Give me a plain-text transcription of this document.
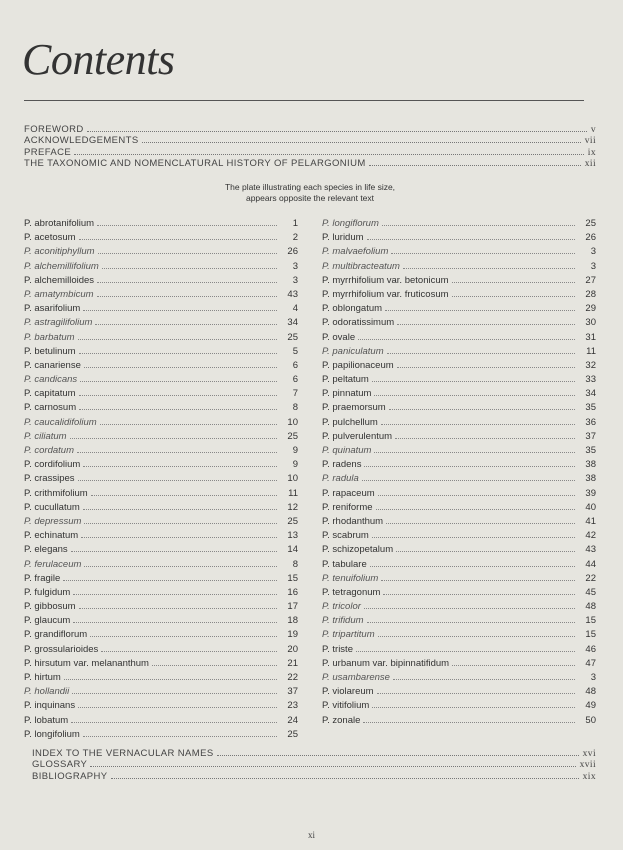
Contents
FOREWORD	v
ACKNOWLEDGEMENTS	vii
PREFACE	ix
THE TAXONOMIC AND NOMENCLATURAL HISTORY OF PELARGONIUM	xii
The plate illustrating each species in life size,
appears opposite the relevant text
P. abrotanifolium	1
P. acetosum	2
P. aconitiphyllum	26
P. alchemillifolium	3
P. alchemilloides	3
P. amatymbicum	43
P. asarifolium	4
P. astragilifolium	34
P. barbatum	25
P. betulinum	5
P. canariense	6
P. candicans	6
P. capitatum	7
P. carnosum	8
P. caucalidifolium	10
P. ciliatum	25
P. cordatum	9
P. cordifolium	9
P. crassipes	10
P. crithmifolium	11
P. cucullatum	12
P. depressum	25
P. echinatum	13
P. elegans	14
P. ferulaceum	8
P. fragile	15
P. fulgidum	16
P. gibbosum	17
P. glaucum	18
P. grandiflorum	19
P. grossularioides	20
P. hirsutum var. melananthum	21
P. hirtum	22
P. hollandii	37
P. inquinans	23
P. lobatum	24
P. longifolium	25
P. longiflorum	25
P. luridum	26
P. malvaefolium	3
P. multibracteatum	3
P. myrrhifolium var. betonicum	27
P. myrrhifolium var. fruticosum	28
P. oblongatum	29
P. odoratissimum	30
P. ovale	31
P. paniculatum	11
P. papilionaceum	32
P. peltatum	33
P. pinnatum	34
P. praemorsum	35
P. pulchellum	36
P. pulverulentum	37
P. quinatum	35
P. radens	38
P. radula	38
P. rapaceum	39
P. reniforme	40
P. rhodanthum	41
P. scabrum	42
P. schizopetalum	43
P. tabulare	44
P. tenuifolium	22
P. tetragonum	45
P. tricolor	48
P. trifidum	15
P. tripartitum	15
P. triste	46
P. urbanum var. bipinnatifidum	47
P. usambarense	3
P. violareum	48
P. vitifolium	49
P. zonale	50
INDEX TO THE VERNACULAR NAMES	xvi
GLOSSARY	xvii
BIBLIOGRAPHY	xix
xi
